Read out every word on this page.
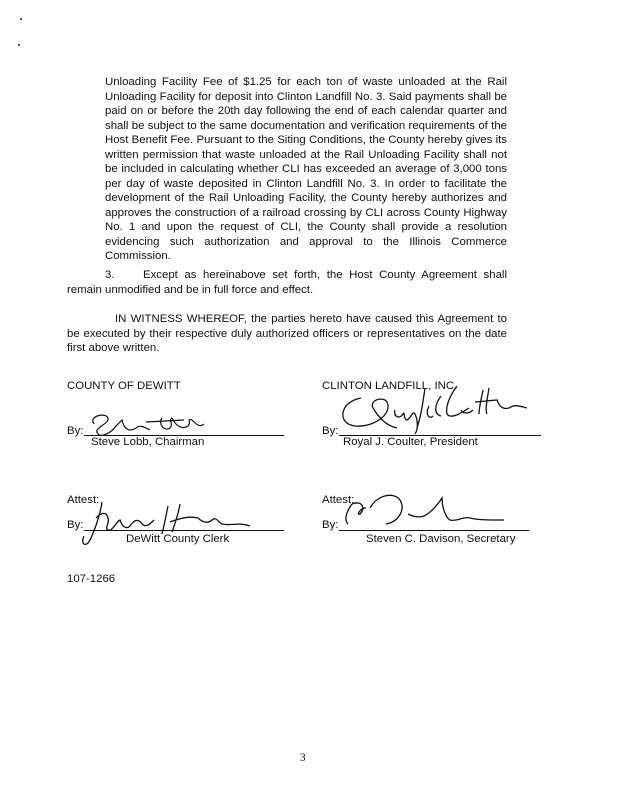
Unloading Facility Fee of $1.25 for each ton of waste unloaded at the Rail Unloading Facility for deposit into Clinton Landfill No. 3. Said payments shall be paid on or before the 20th day following the end of each calendar quarter and shall be subject to the same documentation and verification requirements of the Host Benefit Fee. Pursuant to the Siting Conditions, the County hereby gives its written permission that waste unloaded at the Rail Unloading Facility shall not be included in calculating whether CLI has exceeded an average of 3,000 tons per day of waste deposited in Clinton Landfill No. 3. In order to facilitate the development of the Rail Unloading Facility, the County hereby authorizes and approves the construction of a railroad crossing by CLI across County Highway No. 1 and upon the request of CLI, the County shall provide a resolution evidencing such authorization and approval to the Illinois Commerce Commission.
3.	Except as hereinabove set forth, the Host County Agreement shall remain unmodified and be in full force and effect.
IN WITNESS WHEREOF, the parties hereto have caused this Agreement to be executed by their respective duly authorized officers or representatives on the date first above written.
COUNTY OF DEWITT
By:
Steve Lobb, Chairman
Attest:
By:
DeWitt County Clerk
CLINTON LANDFILL, INC.
By:
Royal J. Coulter, President
Attest:
By:
Steven C. Davison, Secretary
107-1266
3
